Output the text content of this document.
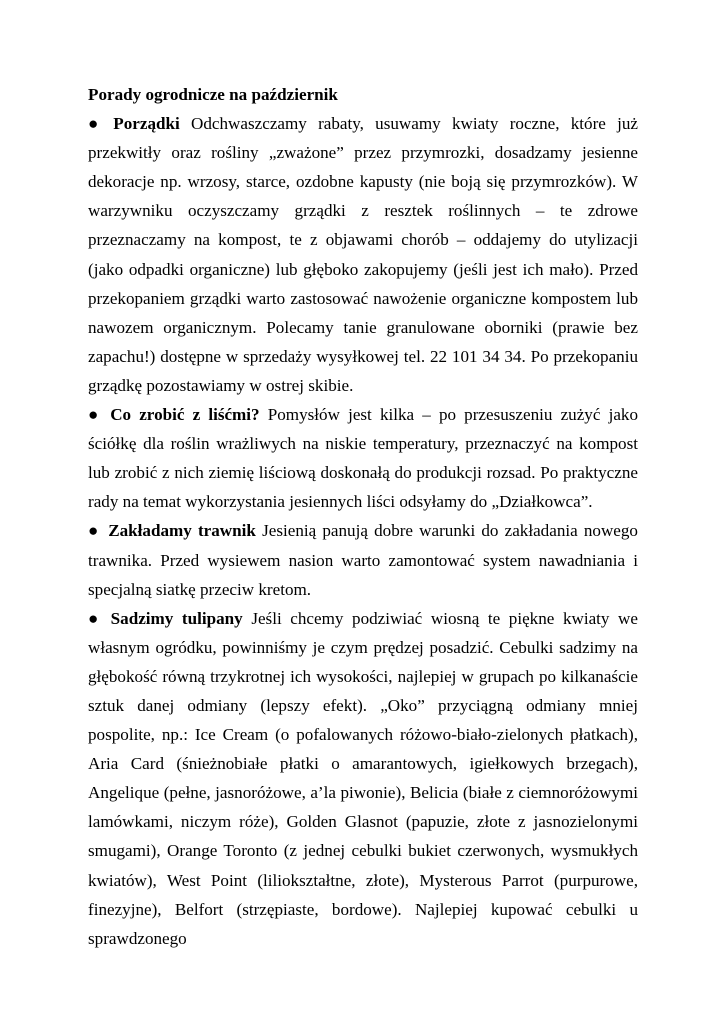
Porady ogrodnicze na październik

● Porządki Odchwaszczamy rabaty, usuwamy kwiaty roczne, które już przekwitły oraz rośliny „zważone” przez przymrozki, dosadzamy jesienne dekoracje np. wrzosy, starce, ozdobne kapusty (nie boją się przymrozków). W warzywniku oczyszczamy grządki z resztek roślinnych – te zdrowe przeznaczamy na kompost, te z objawami chorób – oddajemy do utylizacji (jako odpadki organiczne) lub głęboko zakopujemy (jeśli jest ich mało). Przed przekopaniem grządki warto zastosować nawożenie organiczne kompostem lub nawozem organicznym. Polecamy tanie granulowane oborniki (prawie bez zapachu!) dostępne w sprzedaży wysyłkowej tel. 22 101 34 34. Po przekopaniu grządkę pozostawiamy w ostrej skibie.

● Co zrobić z liśćmi? Pomysłów jest kilka – po przesuszeniu zużyć jako ściółkę dla roślin wrażliwych na niskie temperatury, przeznaczyć na kompost lub zrobić z nich ziemię liściową doskonałą do produkcji rozsad. Po praktyczne rady na temat wykorzystania jesiennych liści odsyłamy do „Działkowca”.

● Zakładamy trawnik Jesienią panują dobre warunki do zakładania nowego trawnika. Przed wysiewem nasion warto zamontować system nawadniania i specjalną siatkę przeciw kretom.

● Sadzimy tulipany Jeśli chcemy podziwiać wiosną te piękne kwiaty we własnym ogródku, powinniśmy je czym prędzej posadzić. Cebulki sadzimy na głębokość równą trzykrotnej ich wysokości, najlepiej w grupach po kilkanaście sztuk danej odmiany (lepszy efekt). „Oko” przyciągną odmiany mniej pospolite, np.: Ice Cream (o pofalowanych różowo-biało-zielonych płatkach), Aria Card (śnieżnobiałe płatki o amarantowych, igiełkowych brzegach), Angelique (pełne, jasnoróżowe, a’la piwonie), Belicia (białe z ciemnoróżowymi lamówkami, niczym róże), Golden Glasnot (papuzie, złote z jasnozielonymi smugami), Orange Toronto (z jednej cebulki bukiet czerwonych, wysmukłych kwiatów), West Point (liliokształtne, złote), Mysterous Parrot (purpurowe, finezyjne), Belfort (strzępiaste, bordowe). Najlepiej kupować cebulki u sprawdzonego
